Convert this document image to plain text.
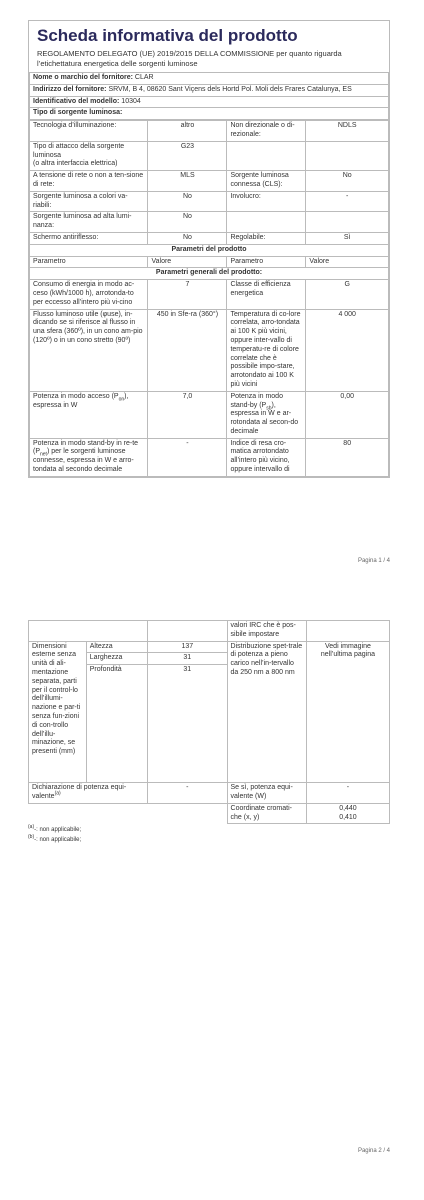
Scheda informativa del prodotto
REGOLAMENTO DELEGATO (UE) 2019/2015 DELLA COMMISSIONE per quanto riguarda l’etichettatura energetica delle sorgenti luminose
Nome o marchio del fornitore: CLAR
Indirizzo del fornitore: SRVM, B 4, 08620 Sant Viçens dels Hortd Pol. Moli dels Frares Catalunya, ES
Identificativo del modello: 10304
Tipo di sorgente luminosa:
Tecnologia d’illuminazione:	altro	Non direzionale o di-rezionale:	NDLS
Tipo di attacco della sorgente luminosa
(o altra interfaccia elettrica)	G23		
A tensione di rete o non a ten-sione di rete:	MLS	Sorgente luminosa connessa (CLS):	No
Sorgente luminosa a colori va-riabili:	No	Involucro:	-
Sorgente luminosa ad alta lumi-nanza:	No		
Schermo antiriflesso:	No	Regolabile:	Sì
Parametri del prodotto			
Parametro	Valore	Parametro	Valore
Parametri generali del prodotto:			
Consumo di energia in modo ac-ceso (kWh/1000 h), arrotonda-to per eccesso all’intero più vi-cino	7	Classe di efficienza energetica	G
Flusso luminoso utile (φuse), in-dicando se si riferisce al flusso in una sfera (360º), in un cono am-pio (120º) o in un cono stretto (90º)	450 in Sfe-ra (360°)	Temperatura di co-lore correlata, arro-tondata ai 100 K più vicini, oppure inter-vallo di temperatu-re di colore correlate che è possibile impo-stare, arrotondato ai 100 K più vicini	4 000
Potenza in modo acceso $(P_{on})$, espressa in W	7,0	Potenza in modo stand-by $(P_{sb})$, espressa in W e ar-rotondata al secon-do decimale	0,00
Potenza in modo stand-by in re-te $(P_{net})$ per le sorgenti luminose connesse, espressa in W e arro-tondata al secondo decimale	-	Indice di resa cro-matica arrotondato all’intero più vicino, oppure intervallo di	80
Pagina 1 / 4
			valori IRC che è pos-sibile impostare	
Dimensioni esterne senza unità di ali-mentazione separata, parti per il control-lo dell’illumi-nazione e par-ti senza fun-zioni di con-trollo dell’illu-minazione, se presenti (mm)	Altezza	137	Distribuzione spet-trale di potenza a pieno carico nell’in-tervallo da 250 nm a 800 nm	Vedi immagine nell’ultima pagina
	Larghezza	31		
	Profondità	31		
Dichiarazione di potenza equi-valente$^{(a)}$		-	Se sì, potenza equi-valente (W)	-
			Coordinate cromati-che (x, y)	0,440
0,410
$^{(a)}$-: non applicabile;
$^{(b)}$-: non applicabile;
Pagina 2 / 4
